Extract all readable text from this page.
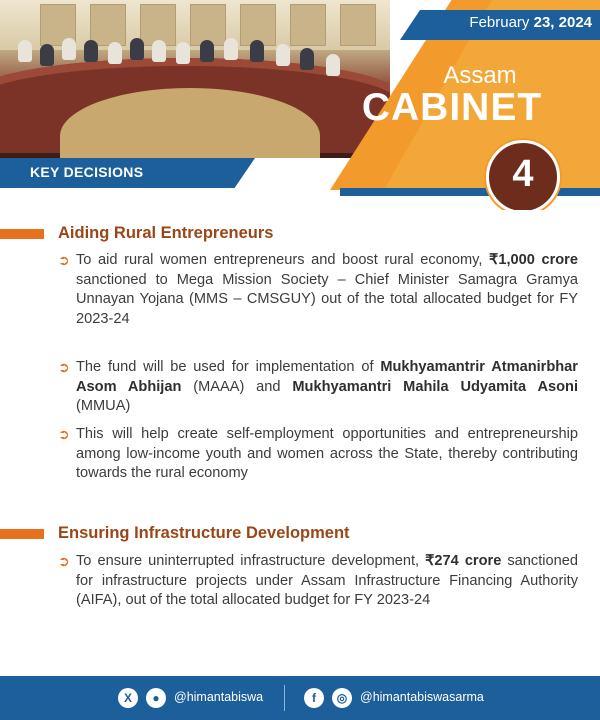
February 23, 2024
Assam
CABINET
KEY DECISIONS	4
Aiding Rural Entrepreneurs
➲ To aid rural women entrepreneurs and boost rural economy, ₹1,000 crore sanctioned to Mega Mission Society – Chief Minister Samagra Gramya Unnayan Yojana (MMS – CMSGUY) out of the total allocated budget for FY 2023-24
➲ The fund will be used for implementation of Mukhyamantrir Atmanirbhar Asom Abhijan (MAAA) and Mukhyamantri Mahila Udyamita Asoni (MMUA)
➲ This will help create self-employment opportunities and entrepreneurship among low-income youth and women across the State, thereby contributing towards the rural economy
Ensuring Infrastructure Development
➲ To ensure uninterrupted infrastructure development, ₹274 crore sanctioned for infrastructure projects under Assam Infrastructure Financing Authority (AIFA), out of the total allocated budget for FY 2023-24
X	●	@himantabiswa	f	◎	@himantabiswasarma
